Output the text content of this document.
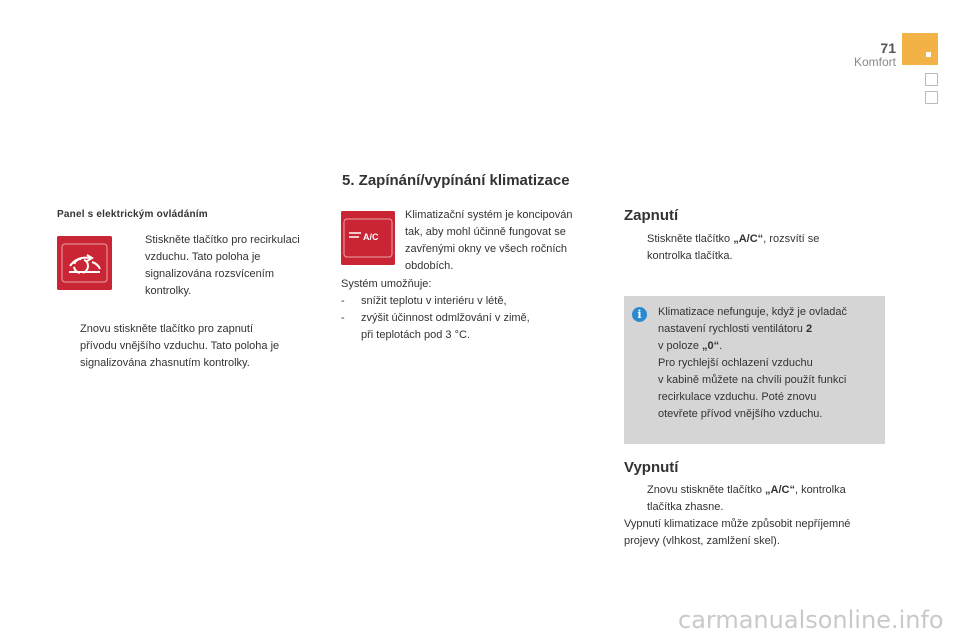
71
Komfort
5. Zapínání/vypínání klimatizace
Panel s elektrickým ovládáním
Stiskněte tlačítko pro recirkulaci
vzduchu. Tato poloha je
signalizována rozsvícením
kontrolky.
Znovu stiskněte tlačítko pro zapnutí
přívodu vnějšího vzduchu. Tato poloha je
signalizována zhasnutím kontrolky.
A/C
Klimatizační systém je koncipován
tak, aby mohl účinně fungovat se
zavřenými okny ve všech ročních
obdobích.
Systém umožňuje:
-	snížit teplotu v interiéru v létě,
-	zvýšit účinnost odmlžování v zimě,
při teplotách pod 3 °C.
Zapnutí
Stiskněte tlačítko „A/C“, rozsvítí se
kontrolka tlačítka.
i	Klimatizace nefunguje, když je ovladač
nastavení rychlosti ventilátoru 2
v poloze „0“.
Pro rychlejší ochlazení vzduchu
v kabině můžete na chvíli použít funkci
recirkulace vzduchu. Poté znovu
otevřete přívod vnějšího vzduchu.
Vypnutí
Znovu stiskněte tlačítko „A/C“, kontrolka
tlačítka zhasne.
Vypnutí klimatizace může způsobit nepříjemné
projevy (vlhkost, zamlžení skel).
carmanualsonline.info
